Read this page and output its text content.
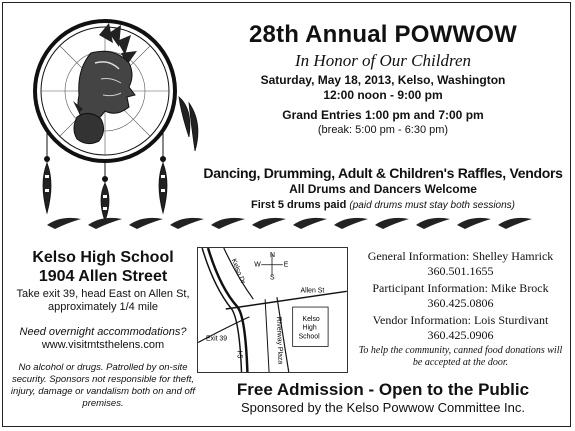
28th Annual POWWOW
In Honor of Our Children
Saturday, May 18, 2013, Kelso, Washington
12:00 noon - 9:00 pm
Grand Entries 1:00 pm and 7:00 pm
(break: 5:00 pm - 6:30 pm)
Dancing, Drumming, Adult & Children's Raffles, Vendors
All Drums and Dancers Welcome
First 5 drums paid (paid drums must stay both sessions)
Kelso High School
1904 Allen Street
Take exit 39, head East on Allen St, approximately 1/4 mile
Need overnight accommodations?
www.visitmtsthelens.com
No alcohol or drugs. Patrolled by on-site security. Sponsors not responsible for theft, injury, damage or vandalism both on and off premises.
N
S
E
W
Kelso Dr
Allen St
Kelso
High
School
Riverway Plaza
Exit 39
I-5
General Information: Shelley Hamrick
360.501.1655
Participant Information: Mike Brock
360.425.0806
Vendor Information: Lois Sturdivant
360.425.0906
To help the community, canned food donations will be accepted at the door.
Free Admission - Open to the Public
Sponsored by the Kelso Powwow Committee Inc.
